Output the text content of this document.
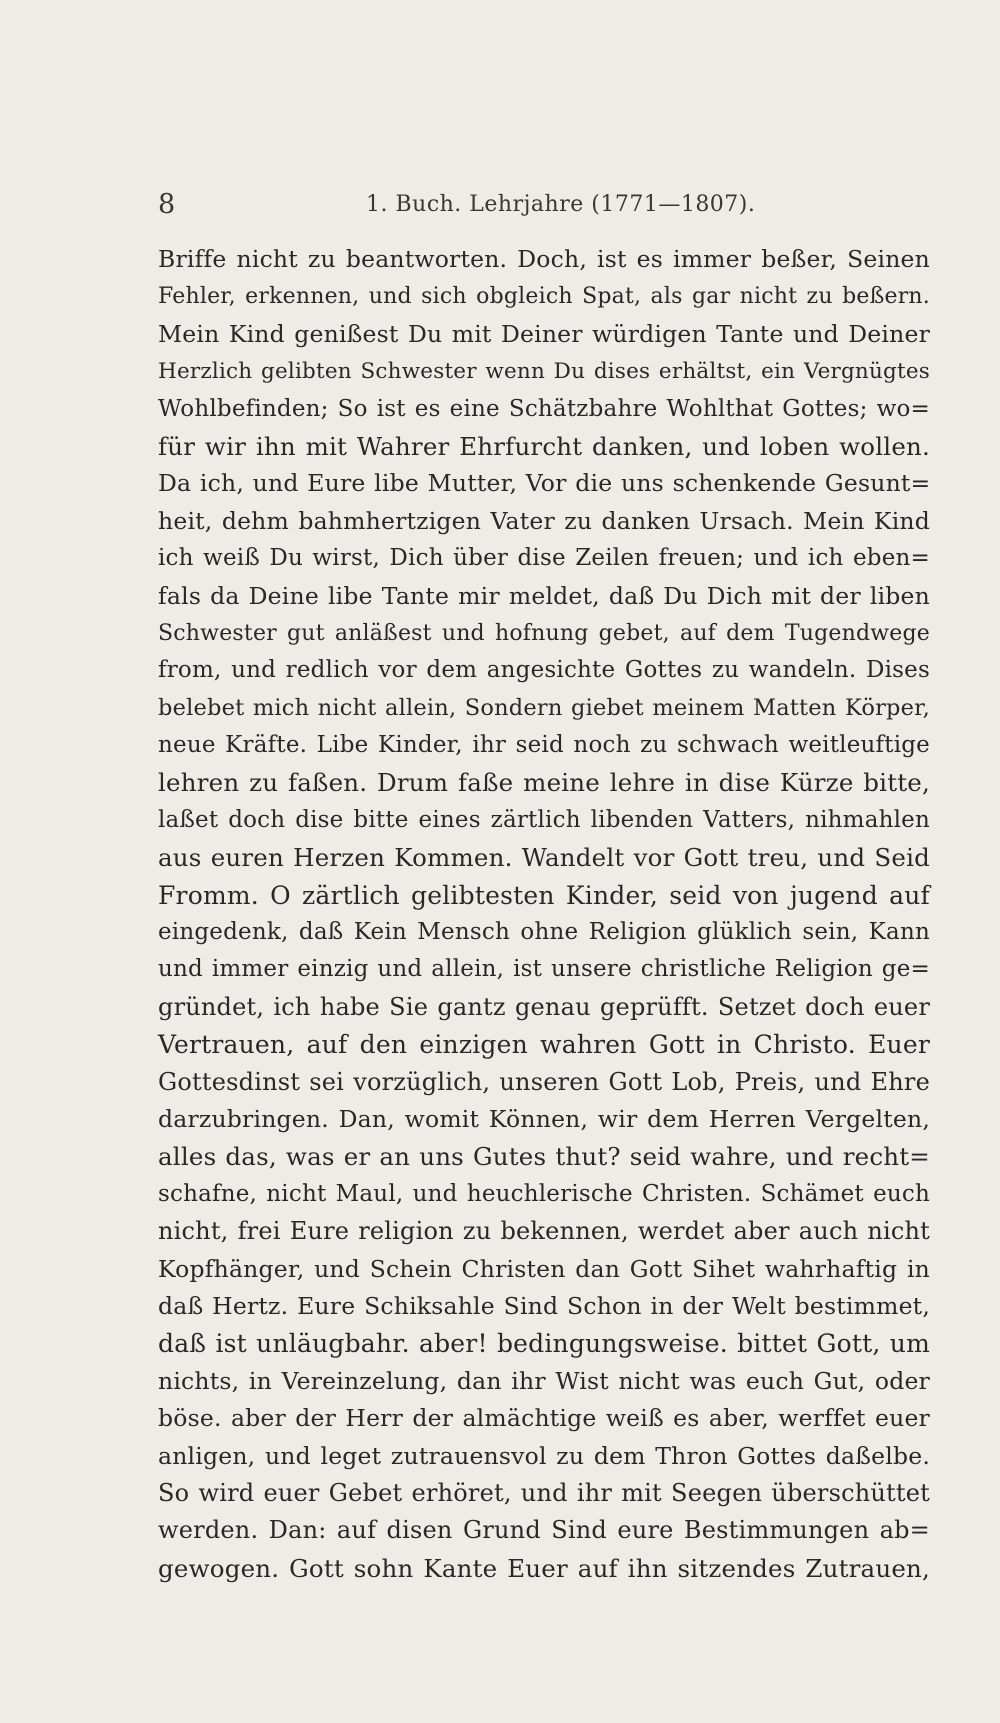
8	1. Buch. Lehrjahre (1771—1807).
Briffe nicht zu beantworten. Doch, ist es immer beßer, Seinen
Fehler, erkennen, und sich obgleich Spat, als gar nicht zu beßern.
Mein Kind genißest Du mit Deiner würdigen Tante und Deiner
Herzlich gelibten Schwester wenn Du dises erhältst, ein Vergnügtes
Wohlbefinden; So ist es eine Schätzbahre Wohlthat Gottes; wo=
für wir ihn mit Wahrer Ehrfurcht danken, und loben wollen.
Da ich, und Eure libe Mutter, Vor die uns schenkende Gesunt=
heit, dehm bahmhertzigen Vater zu danken Ursach. Mein Kind
ich weiß Du wirst, Dich über dise Zeilen freuen; und ich eben=
fals da Deine libe Tante mir meldet, daß Du Dich mit der liben
Schwester gut anläßest und hofnung gebet, auf dem Tugendwege
from, und redlich vor dem angesichte Gottes zu wandeln. Dises
belebet mich nicht allein, Sondern giebet meinem Matten Körper,
neue Kräfte. Libe Kinder, ihr seid noch zu schwach weitleuftige
lehren zu faßen. Drum faße meine lehre in dise Kürze bitte,
laßet doch dise bitte eines zärtlich libenden Vatters, nihmahlen
aus euren Herzen Kommen. Wandelt vor Gott treu, und Seid
Fromm. O zärtlich gelibtesten Kinder, seid von jugend auf
eingedenk, daß Kein Mensch ohne Religion glüklich sein, Kann
und immer einzig und allein, ist unsere christliche Religion ge=
gründet, ich habe Sie gantz genau geprüfft. Setzet doch euer
Vertrauen, auf den einzigen wahren Gott in Christo. Euer
Gottesdinst sei vorzüglich, unseren Gott Lob, Preis, und Ehre
darzubringen. Dan, womit Können, wir dem Herren Vergelten,
alles das, was er an uns Gutes thut? seid wahre, und recht=
schafne, nicht Maul, und heuchlerische Christen. Schämet euch
nicht, frei Eure religion zu bekennen, werdet aber auch nicht
Kopfhänger, und Schein Christen dan Gott Sihet wahrhaftig in
daß Hertz. Eure Schiksahle Sind Schon in der Welt bestimmet,
daß ist unläugbahr. aber! bedingungsweise. bittet Gott, um
nichts, in Vereinzelung, dan ihr Wist nicht was euch Gut, oder
böse. aber der Herr der almächtige weiß es aber, werffet euer
anligen, und leget zutrauensvol zu dem Thron Gottes daßelbe.
So wird euer Gebet erhöret, und ihr mit Seegen überschüttet
werden. Dan: auf disen Grund Sind eure Bestimmungen ab=
gewogen. Gott sohn Kante Euer auf ihn sitzendes Zutrauen,
